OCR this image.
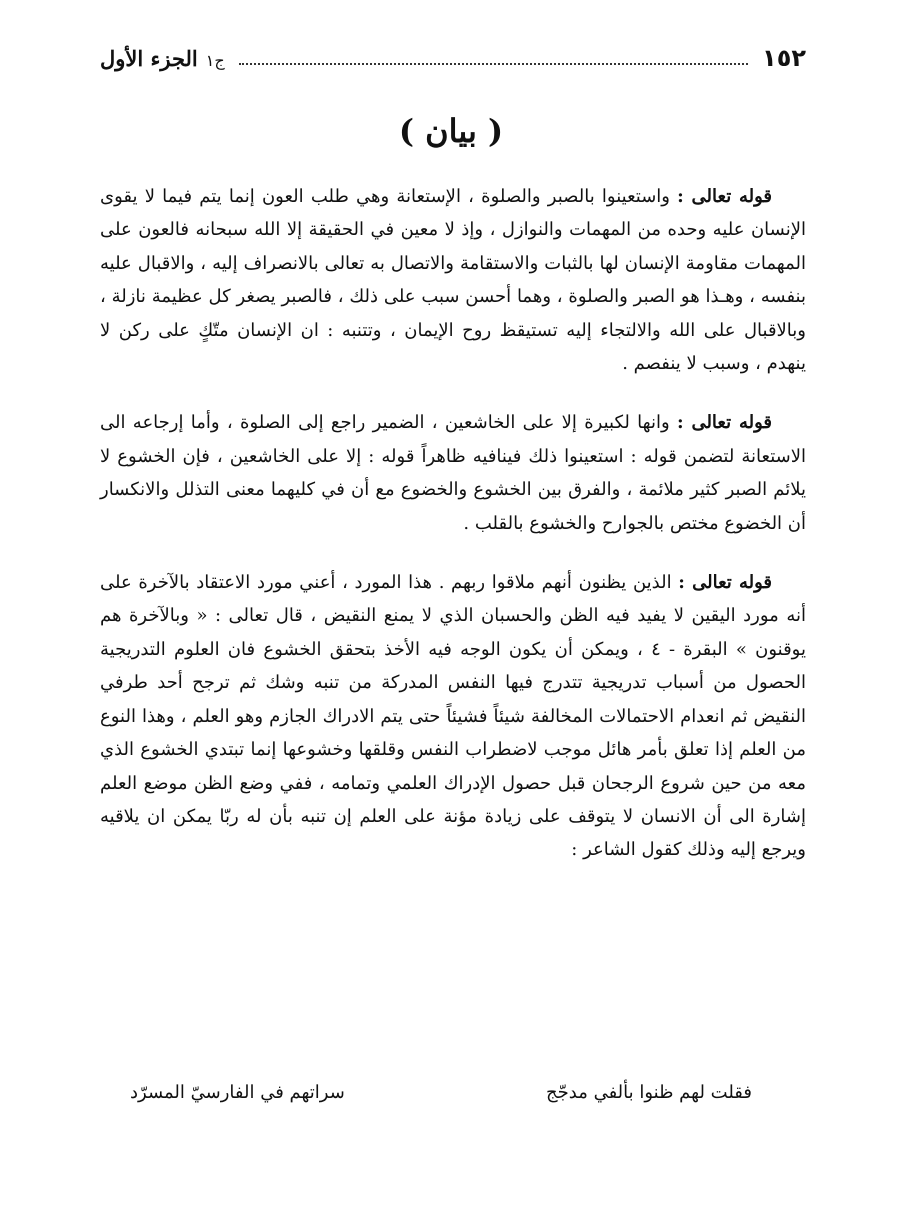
١٥٢
ج١
الجزء الأول
( بيان )

قوله تعالى : واستعينوا بالصبر والصلوة ، الإستعانة وهي طلب العون إنما يتم فيما لا يقوى الإنسان عليه وحده من المهمات والنوازل ، وإذ لا معين في الحقيقة إلا الله سبحانه فالعون على المهمات مقاومة الإنسان لها بالثبات والاستقامة والاتصال به تعالى بالانصراف إليه ، والاقبال عليه بنفسه ، وهـذا هو الصبر والصلوة ، وهما أحسن سبب على ذلك ، فالصبر يصغر كل عظيمة نازلة ، وبالاقبال على الله والالتجاء إليه تستيقظ روح الإيمان ، وتتنبه : ان الإنسان متّكٍ على ركن لا ينهدم ، وسبب لا ينفصم .

قوله تعالى : وانها لكبيرة إلا على الخاشعين ، الضمير راجع إلى الصلوة ، وأما إرجاعه الى الاستعانة لتضمن قوله : استعينوا ذلك فينافيه ظاهراً قوله : إلا على الخاشعين ، فإن الخشوع لا يلائم الصبر كثير ملائمة ، والفرق بين الخشوع والخضوع مع أن في كليهما معنى التذلل والانكسار أن الخضوع مختص بالجوارح والخشوع بالقلب .

قوله تعالى : الذين يظنون أنهم ملاقوا ربهم . هذا المورد ، أعني مورد الاعتقاد بالآخرة على أنه مورد اليقين لا يفيد فيه الظن والحسبان الذي لا يمنع النقيض ، قال تعالى : « وبالآخرة هم يوقنون » البقرة - ٤ ، ويمكن أن يكون الوجه فيه الأخذ بتحقق الخشوع فان العلوم التدريجية الحصول من أسباب تدريجية تتدرج فيها النفس المدركة من تنبه وشك ثم ترجح أحد طرفي النقيض ثم انعدام الاحتمالات المخالفة شيئاً فشيئاً حتى يتم الادراك الجازم وهو العلم ، وهذا النوع من العلم إذا تعلق بأمر هائل موجب لاضطراب النفس وقلقها وخشوعها إنما تبتدي الخشوع الذي معه من حين شروع الرجحان قبل حصول الإدراك العلمي وتمامه ، ففي وضع الظن موضع العلم إشارة الى أن الانسان لا يتوقف على زيادة مؤنة على العلم إن تنبه بأن له ربّا يمكن ان يلاقيه ويرجع إليه وذلك كقول الشاعر :

فقلت لهم ظنوا بألفي مدجّج
سراتهم في الفارسيّ المسرّد
